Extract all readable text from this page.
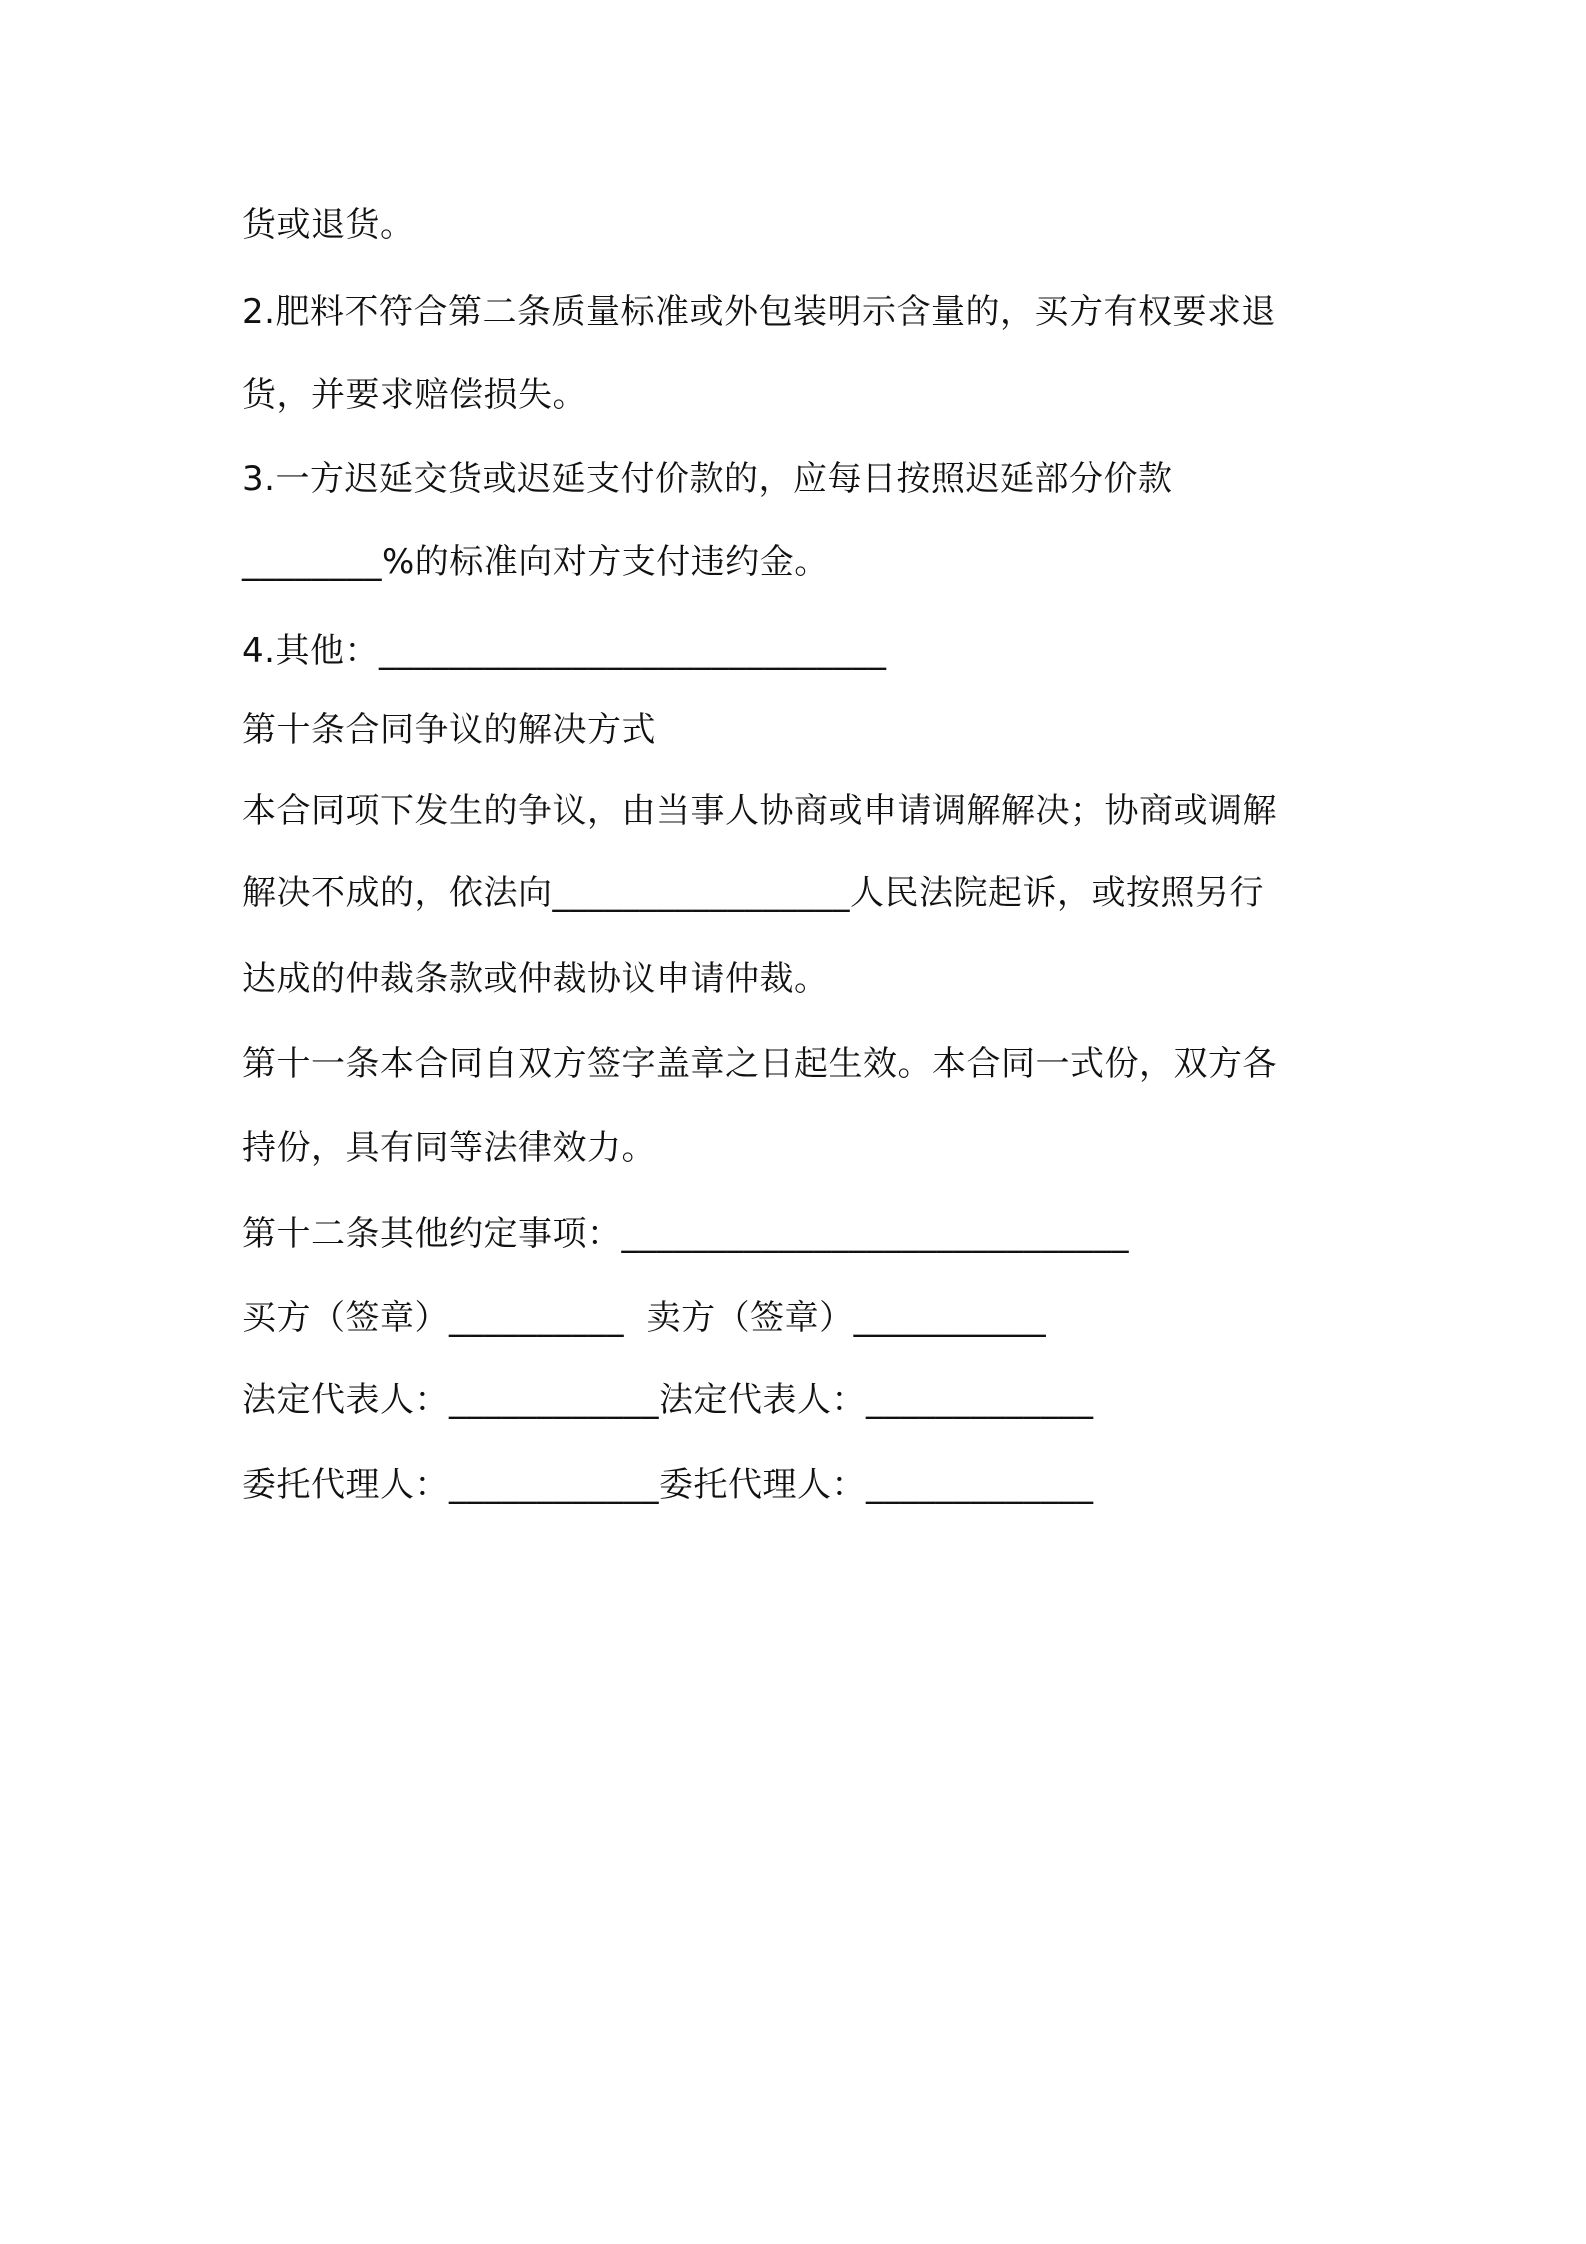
货或退货。
2.肥料不符合第二条质量标准或外包装明示含量的，买方有权要求退
货，并要求赔偿损失。
3.一方迟延交货或迟延支付价款的，应每日按照迟延部分价款
________%的标准向对方支付违约金。
4.其他：_____________________________
第十条合同争议的解决方式
本合同项下发生的争议，由当事人协商或申请调解解决；协商或调解
解决不成的，依法向_________________人民法院起诉，或按照另行
达成的仲裁条款或仲裁协议申请仲裁。
第十一条本合同自双方签字盖章之日起生效。本合同一式份，双方各
持份，具有同等法律效力。
第十二条其他约定事项：_____________________________
买方（签章）__________  卖方（签章）___________
法定代表人：____________法定代表人：_____________
委托代理人：____________委托代理人：_____________
